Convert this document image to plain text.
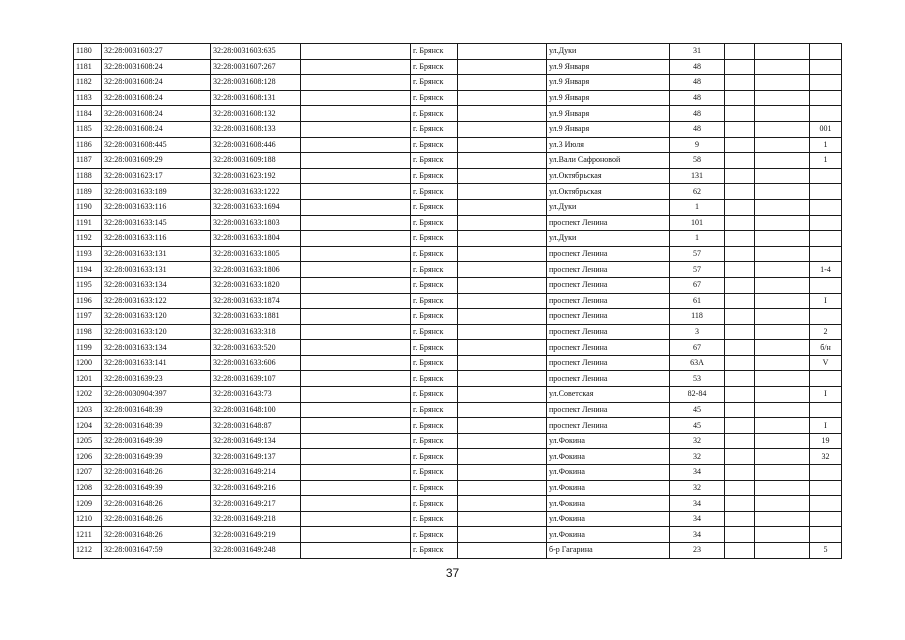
1180	32:28:0031603:27	32:28:0031603:635		г. Брянск		ул.Дуки	31			
1181	32:28:0031608:24	32:28:0031607:267		г. Брянск		ул.9 Января	48			
1182	32:28:0031608:24	32:28:0031608:128		г. Брянск		ул.9 Января	48			
1183	32:28:0031608:24	32:28:0031608:131		г. Брянск		ул.9 Января	48			
1184	32:28:0031608:24	32:28:0031608:132		г. Брянск		ул.9 Января	48			
1185	32:28:0031608:24	32:28:0031608:133		г. Брянск		ул.9 Января	48			001
1186	32:28:0031608:445	32:28:0031608:446		г. Брянск		ул.3 Июля	9			1
1187	32:28:0031609:29	32:28:0031609:188		г. Брянск		ул.Вали Сафроновой	58			1
1188	32:28:0031623:17	32:28:0031623:192		г. Брянск		ул.Октябрьская	131			
1189	32:28:0031633:189	32:28:0031633:1222		г. Брянск		ул.Октябрьская	62			
1190	32:28:0031633:116	32:28:0031633:1694		г. Брянск		ул.Дуки	1			
1191	32:28:0031633:145	32:28:0031633:1803		г. Брянск		проспект Ленина	101			
1192	32:28:0031633:116	32:28:0031633:1804		г. Брянск		ул.Дуки	1			
1193	32:28:0031633:131	32:28:0031633:1805		г. Брянск		проспект Ленина	57			
1194	32:28:0031633:131	32:28:0031633:1806		г. Брянск		проспект Ленина	57			1-4
1195	32:28:0031633:134	32:28:0031633:1820		г. Брянск		проспект Ленина	67			
1196	32:28:0031633:122	32:28:0031633:1874		г. Брянск		проспект Ленина	61			I
1197	32:28:0031633:120	32:28:0031633:1881		г. Брянск		проспект Ленина	118			
1198	32:28:0031633:120	32:28:0031633:318		г. Брянск		проспект Ленина	3			2
1199	32:28:0031633:134	32:28:0031633:520		г. Брянск		проспект Ленина	67			б/н
1200	32:28:0031633:141	32:28:0031633:606		г. Брянск		проспект Ленина	63А			V
1201	32:28:0031639:23	32:28:0031639:107		г. Брянск		проспект Ленина	53			
1202	32:28:0030904:397	32:28:0031643:73		г. Брянск		ул.Советская	82-84			I
1203	32:28:0031648:39	32:28:0031648:100		г. Брянск		проспект Ленина	45			
1204	32:28:0031648:39	32:28:0031648:87		г. Брянск		проспект Ленина	45			I
1205	32:28:0031649:39	32:28:0031649:134		г. Брянск		ул.Фокина	32			19
1206	32:28:0031649:39	32:28:0031649:137		г. Брянск		ул.Фокина	32			32
1207	32:28:0031648:26	32:28:0031649:214		г. Брянск		ул.Фокина	34			
1208	32:28:0031649:39	32:28:0031649:216		г. Брянск		ул.Фокина	32			
1209	32:28:0031648:26	32:28:0031649:217		г. Брянск		ул.Фокина	34			
1210	32:28:0031648:26	32:28:0031649:218		г. Брянск		ул.Фокина	34			
1211	32:28:0031648:26	32:28:0031649:219		г. Брянск		ул.Фокина	34			
1212	32:28:0031647:59	32:28:0031649:248		г. Брянск		б-р Гагарина	23			5
37
